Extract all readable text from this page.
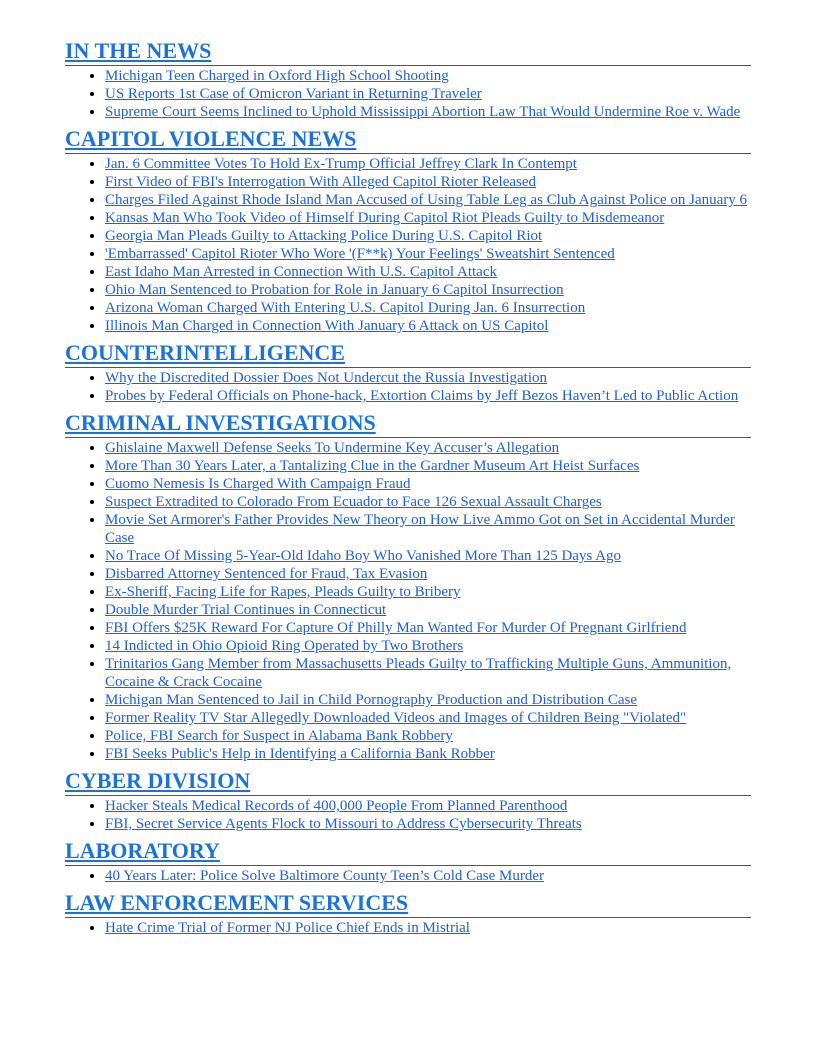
IN THE NEWS
• Michigan Teen Charged in Oxford High School Shooting
• US Reports 1st Case of Omicron Variant in Returning Traveler
• Supreme Court Seems Inclined to Uphold Mississippi Abortion Law That Would Undermine Roe v. Wade
CAPITOL VIOLENCE NEWS
• Jan. 6 Committee Votes To Hold Ex-Trump Official Jeffrey Clark In Contempt
• First Video of FBI's Interrogation With Alleged Capitol Rioter Released
• Charges Filed Against Rhode Island Man Accused of Using Table Leg as Club Against Police on January 6
• Kansas Man Who Took Video of Himself During Capitol Riot Pleads Guilty to Misdemeanor
• Georgia Man Pleads Guilty to Attacking Police During U.S. Capitol Riot
• 'Embarrassed' Capitol Rioter Who Wore '(F**k) Your Feelings' Sweatshirt Sentenced
• East Idaho Man Arrested in Connection With U.S. Capitol Attack
• Ohio Man Sentenced to Probation for Role in January 6 Capitol Insurrection
• Arizona Woman Charged With Entering U.S. Capitol During Jan. 6 Insurrection
• Illinois Man Charged in Connection With January 6 Attack on US Capitol
COUNTERINTELLIGENCE
• Why the Discredited Dossier Does Not Undercut the Russia Investigation
• Probes by Federal Officials on Phone-hack, Extortion Claims by Jeff Bezos Haven’t Led to Public Action
CRIMINAL INVESTIGATIONS
• Ghislaine Maxwell Defense Seeks To Undermine Key Accuser’s Allegation
• More Than 30 Years Later, a Tantalizing Clue in the Gardner Museum Art Heist Surfaces
• Cuomo Nemesis Is Charged With Campaign Fraud
• Suspect Extradited to Colorado From Ecuador to Face 126 Sexual Assault Charges
• Movie Set Armorer's Father Provides New Theory on How Live Ammo Got on Set in Accidental Murder Case
• No Trace Of Missing 5-Year-Old Idaho Boy Who Vanished More Than 125 Days Ago
• Disbarred Attorney Sentenced for Fraud, Tax Evasion
• Ex-Sheriff, Facing Life for Rapes, Pleads Guilty to Bribery
• Double Murder Trial Continues in Connecticut
• FBI Offers $25K Reward For Capture Of Philly Man Wanted For Murder Of Pregnant Girlfriend
• 14 Indicted in Ohio Opioid Ring Operated by Two Brothers
• Trinitarios Gang Member from Massachusetts Pleads Guilty to Trafficking Multiple Guns, Ammunition, Cocaine & Crack Cocaine
• Michigan Man Sentenced to Jail in Child Pornography Production and Distribution Case
• Former Reality TV Star Allegedly Downloaded Videos and Images of Children Being "Violated"
• Police, FBI Search for Suspect in Alabama Bank Robbery
• FBI Seeks Public's Help in Identifying a California Bank Robber
CYBER DIVISION
• Hacker Steals Medical Records of 400,000 People From Planned Parenthood
• FBI, Secret Service Agents Flock to Missouri to Address Cybersecurity Threats
LABORATORY
• 40 Years Later: Police Solve Baltimore County Teen’s Cold Case Murder
LAW ENFORCEMENT SERVICES
• Hate Crime Trial of Former NJ Police Chief Ends in Mistrial
